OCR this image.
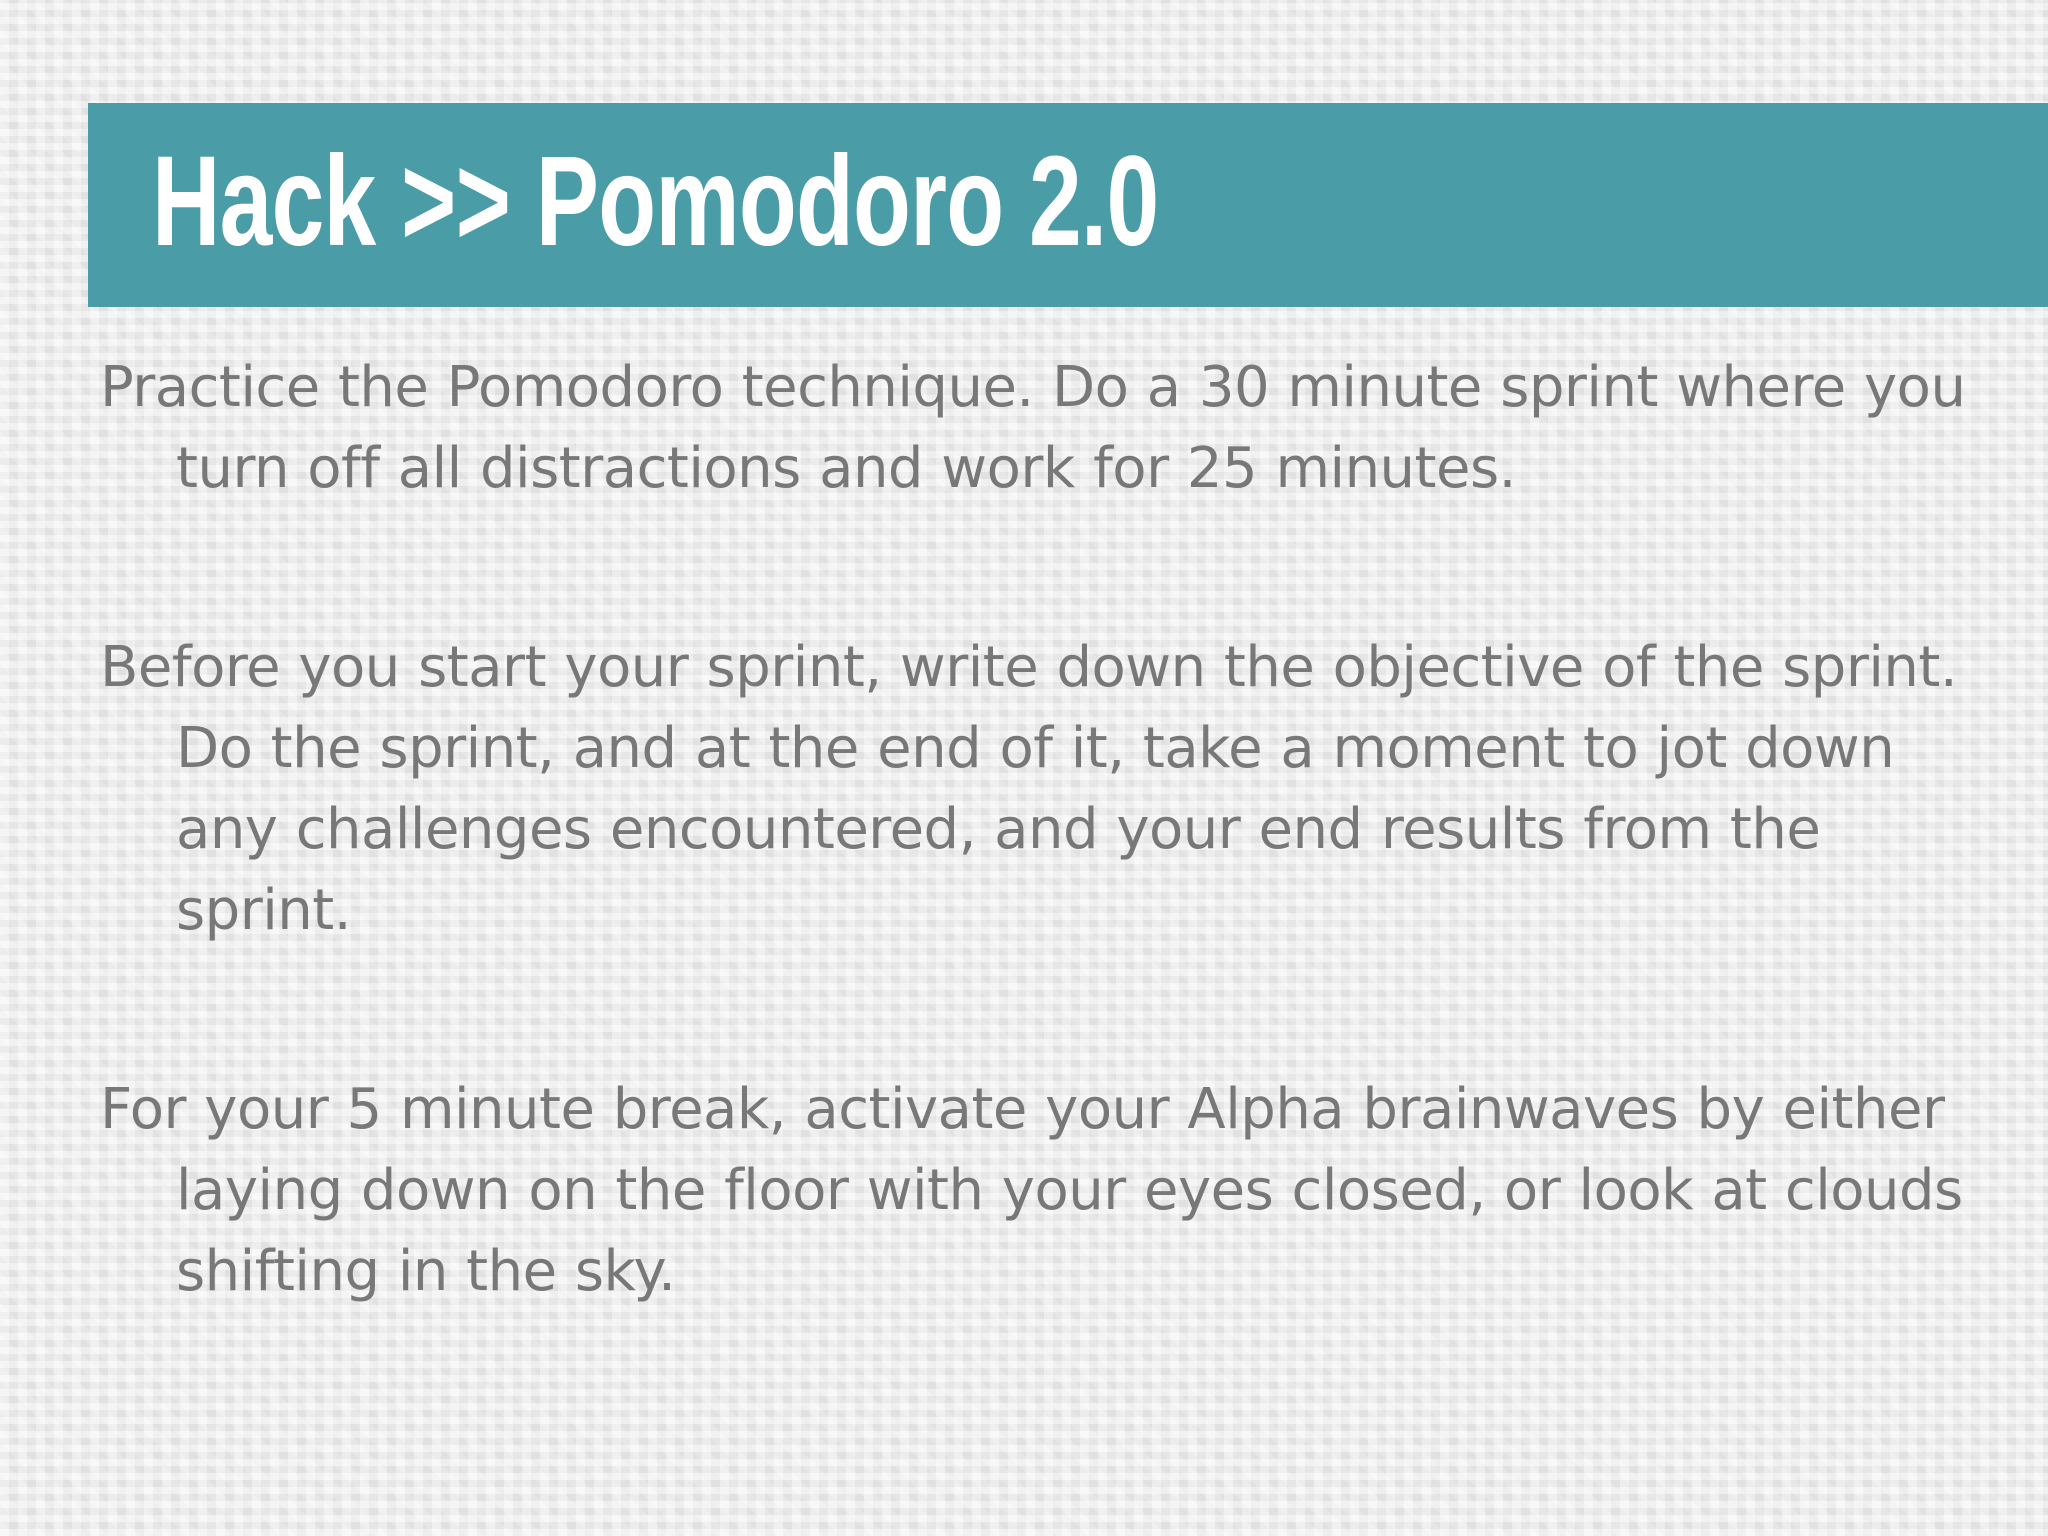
Hack >> Pomodoro 2.0

Practice the Pomodoro technique. Do a 30 minute sprint where you turn off all distractions and work for 25 minutes.

Before you start your sprint, write down the objective of the sprint. Do the sprint, and at the end of it, take a moment to jot down any challenges encountered, and your end results from the sprint.

For your 5 minute break, activate your Alpha brainwaves by either laying down on the floor with your eyes closed, or look at clouds shifting in the sky.
